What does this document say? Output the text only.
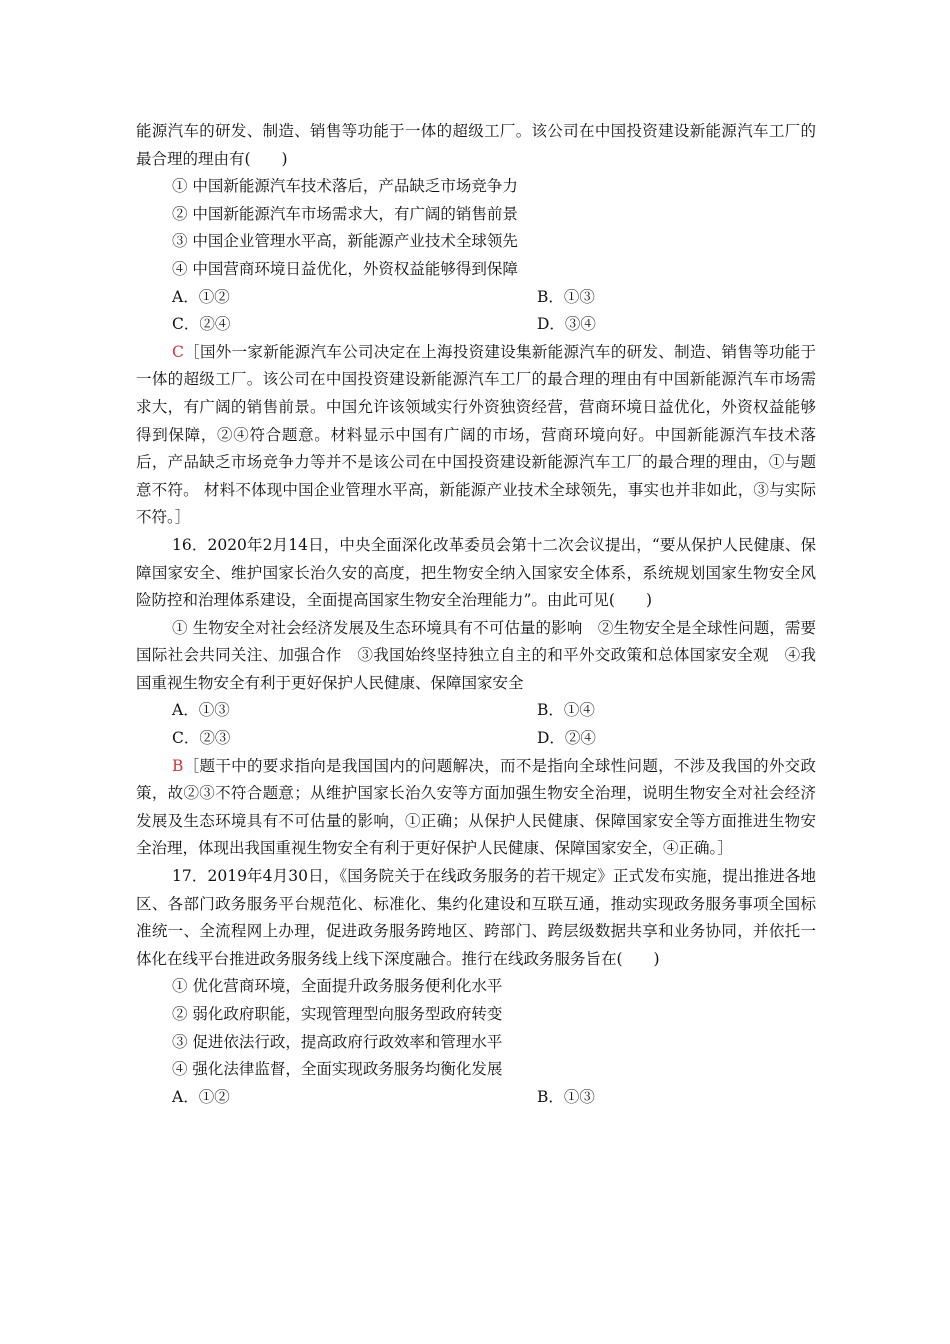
能源汽车的研发、制造、销售等功能于一体的超级工厂。该公司在中国投资建设新能源汽车工厂的最合理的理由有(　　)

① 中国新能源汽车技术落后，产品缺乏市场竞争力

② 中国新能源汽车市场需求大，有广阔的销售前景

③ 中国企业管理水平高，新能源产业技术全球领先

④ 中国营商环境日益优化，外资权益能够得到保障

A．①②	B．①③
C．②④	D．③④

C［国外一家新能源汽车公司决定在上海投资建设集新能源汽车的研发、制造、销售等功能于一体的超级工厂。该公司在中国投资建设新能源汽车工厂的最合理的理由有中国新能源汽车市场需求大，有广阔的销售前景。中国允许该领域实行外资独资经营，营商环境日益优化，外资权益能够得到保障，②④符合题意。材料显示中国有广阔的市场，营商环境向好。中国新能源汽车技术落后，产品缺乏市场竞争力等并不是该公司在中国投资建设新能源汽车工厂的最合理的理由，①与题意不符。 材料不体现中国企业管理水平高，新能源产业技术全球领先，事实也并非如此，③与实际不符。］

16．2020年2月14日，中央全面深化改革委员会第十二次会议提出，“要从保护人民健康、保障国家安全、维护国家长治久安的高度，把生物安全纳入国家安全体系，系统规划国家生物安全风险防控和治理体系建设，全面提高国家生物安全治理能力”。由此可见(　　)

① 生物安全对社会经济发展及生态环境具有不可估量的影响　②生物安全是全球性问题，需要国际社会共同关注、加强合作　③我国始终坚持独立自主的和平外交政策和总体国家安全观　④我国重视生物安全有利于更好保护人民健康、保障国家安全

A．①③	B．①④
C．②③	D．②④

B［题干中的要求指向是我国国内的问题解决，而不是指向全球性问题，不涉及我国的外交政策，故②③不符合题意；从维护国家长治久安等方面加强生物安全治理，说明生物安全对社会经济发展及生态环境具有不可估量的影响，①正确；从保护人民健康、保障国家安全等方面推进生物安全治理，体现出我国重视生物安全有利于更好保护人民健康、保障国家安全，④正确。］

17．2019年4月30日，《国务院关于在线政务服务的若干规定》正式发布实施，提出推进各地区、各部门政务服务平台规范化、标准化、集约化建设和互联互通，推动实现政务服务事项全国标准统一、全流程网上办理，促进政务服务跨地区、跨部门、跨层级数据共享和业务协同，并依托一体化在线平台推进政务服务线上线下深度融合。推行在线政务服务旨在(　　)

① 优化营商环境，全面提升政务服务便利化水平

② 弱化政府职能，实现管理型向服务型政府转变

③ 促进依法行政，提高政府行政效率和管理水平

④ 强化法律监督，全面实现政务服务均衡化发展

A．①②	B．①③
